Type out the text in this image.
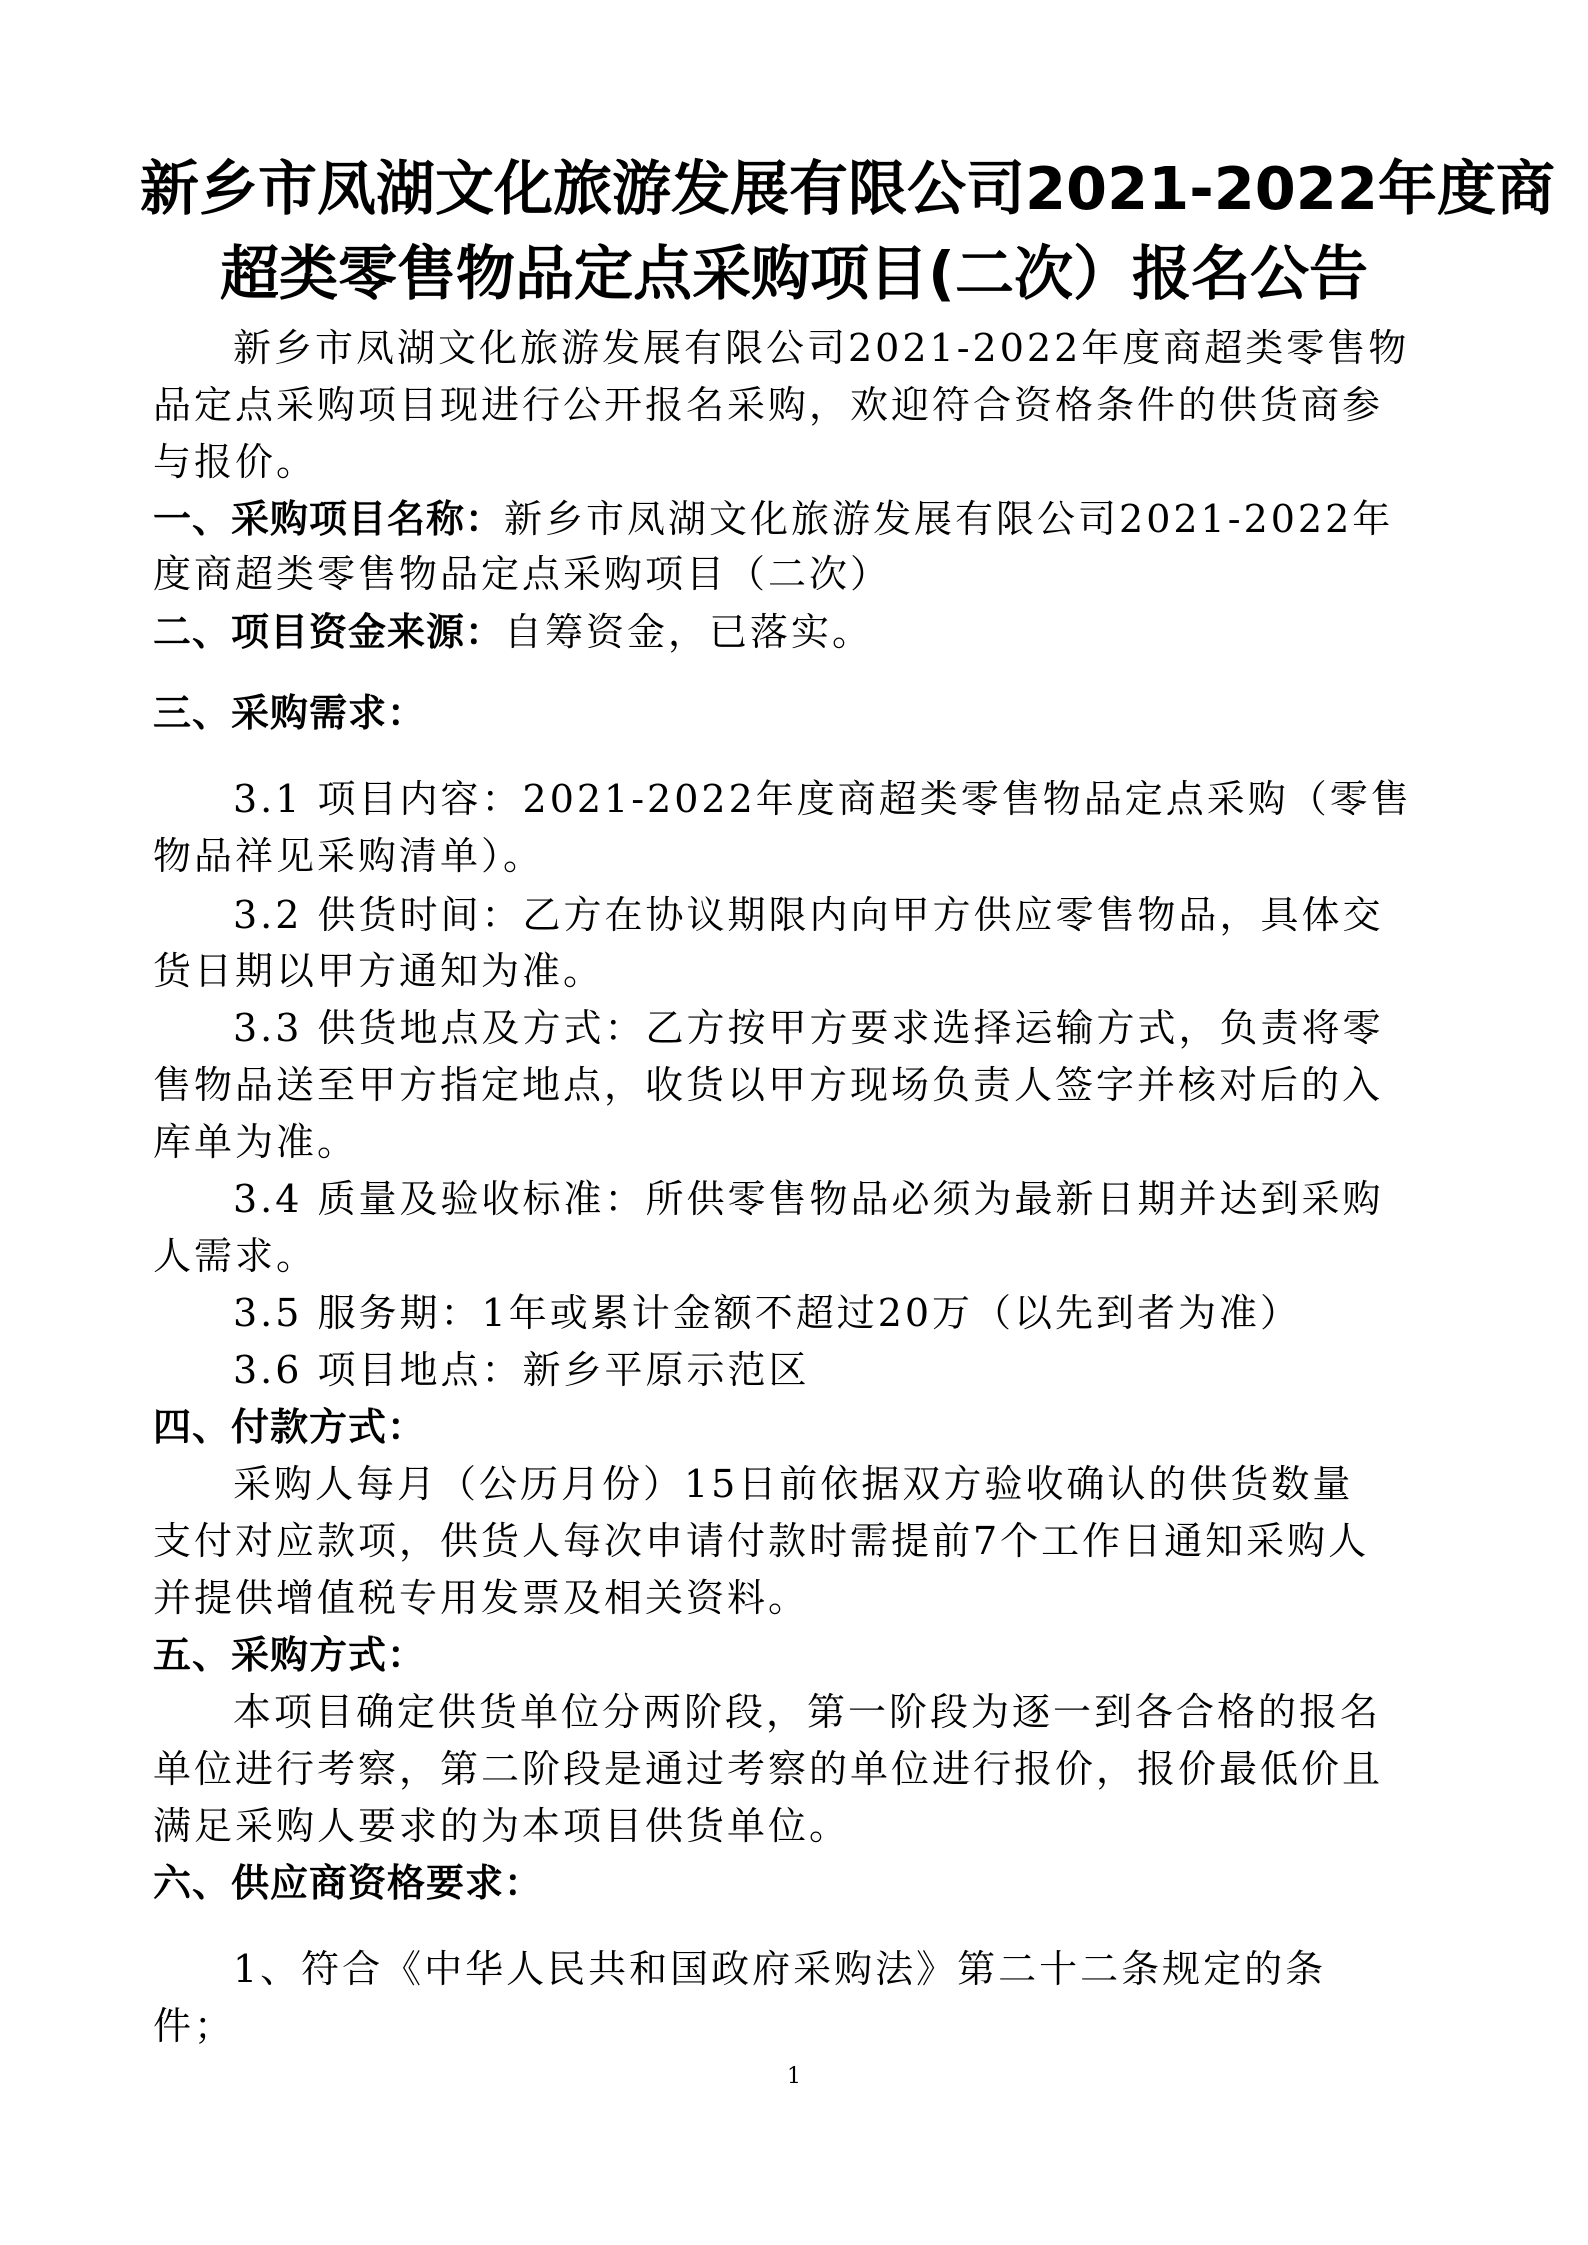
新乡市凤湖文化旅游发展有限公司2021-2022年度商
超类零售物品定点采购项目(二次）报名公告
新乡市凤湖文化旅游发展有限公司2021-2022年度商超类零售物
品定点采购项目现进行公开报名采购，欢迎符合资格条件的供货商参
与报价。
一、采购项目名称：新乡市凤湖文化旅游发展有限公司2021-2022年
度商超类零售物品定点采购项目（二次）
二、项目资金来源：自筹资金，已落实。
三、采购需求：
3.1 项目内容：2021-2022年度商超类零售物品定点采购（零售
物品祥见采购清单）。
3.2 供货时间：乙方在协议期限内向甲方供应零售物品，具体交
货日期以甲方通知为准。
3.3 供货地点及方式：乙方按甲方要求选择运输方式，负责将零
售物品送至甲方指定地点，收货以甲方现场负责人签字并核对后的入
库单为准。
3.4 质量及验收标准：所供零售物品必须为最新日期并达到采购
人需求。
3.5 服务期：1年或累计金额不超过20万（以先到者为准）
3.6 项目地点：新乡平原示范区
四、付款方式：
采购人每月（公历月份）15日前依据双方验收确认的供货数量
支付对应款项，供货人每次申请付款时需提前7个工作日通知采购人
并提供增值税专用发票及相关资料。
五、采购方式：
本项目确定供货单位分两阶段，第一阶段为逐一到各合格的报名
单位进行考察，第二阶段是通过考察的单位进行报价，报价最低价且
满足采购人要求的为本项目供货单位。
六、供应商资格要求：
1、符合《中华人民共和国政府采购法》第二十二条规定的条
件；
1
